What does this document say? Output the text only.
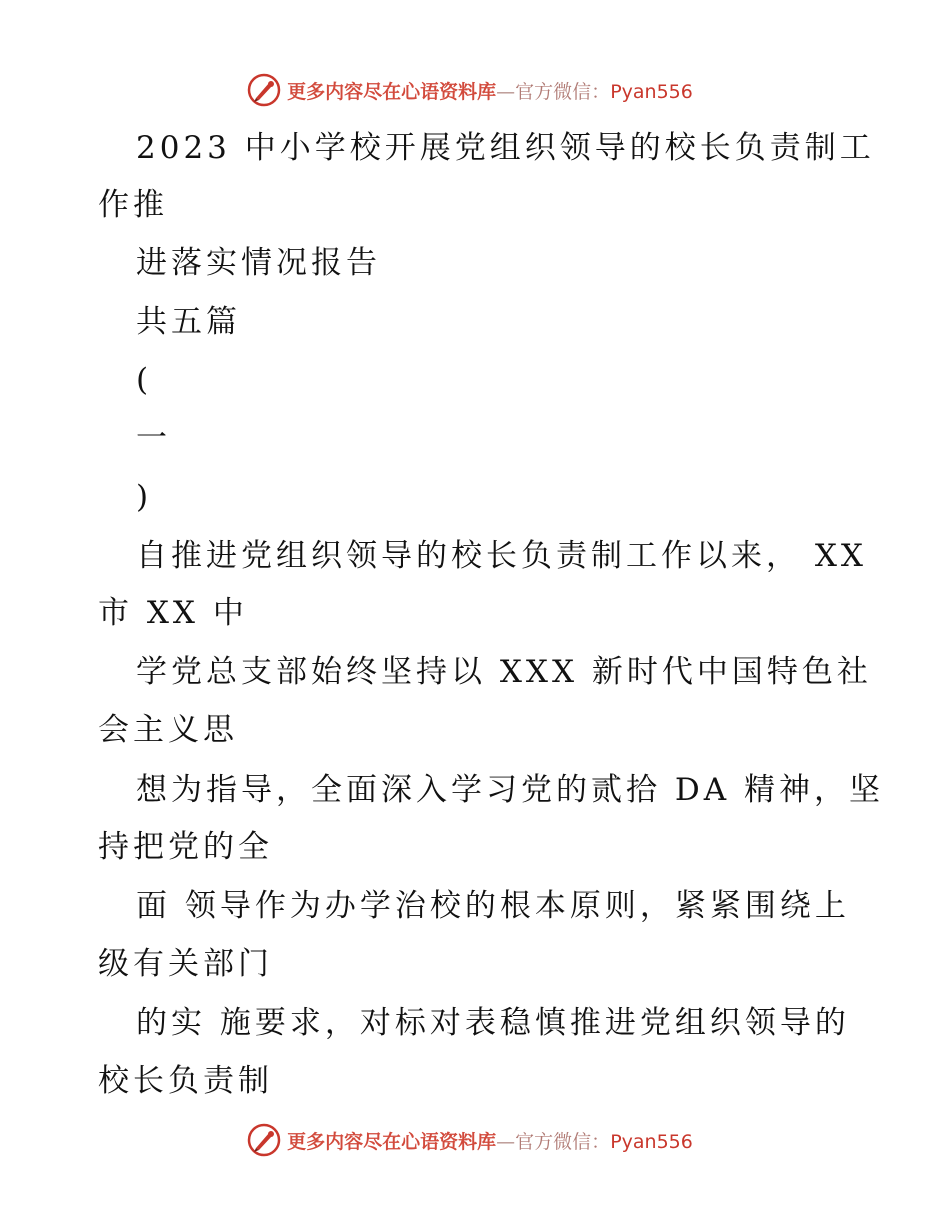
更多内容尽在心语资料库—官方微信：Pyan556
2023 中小学校开展党组织领导的校长负责制工
作推
进落实情况报告
共五篇
(
一
)
自推进党组织领导的校长负责制工作以来， XX
市 XX 中
学党总支部始终坚持以 XXX 新时代中国特色社
会主义思
想为指导，全面深入学习党的贰拾 DA 精神，坚
持把党的全
面 领导作为办学治校的根本原则，紧紧围绕上
级有关部门
的实 施要求，对标对表稳慎推进党组织领导的
校长负责制
更多内容尽在心语资料库—官方微信：Pyan556
